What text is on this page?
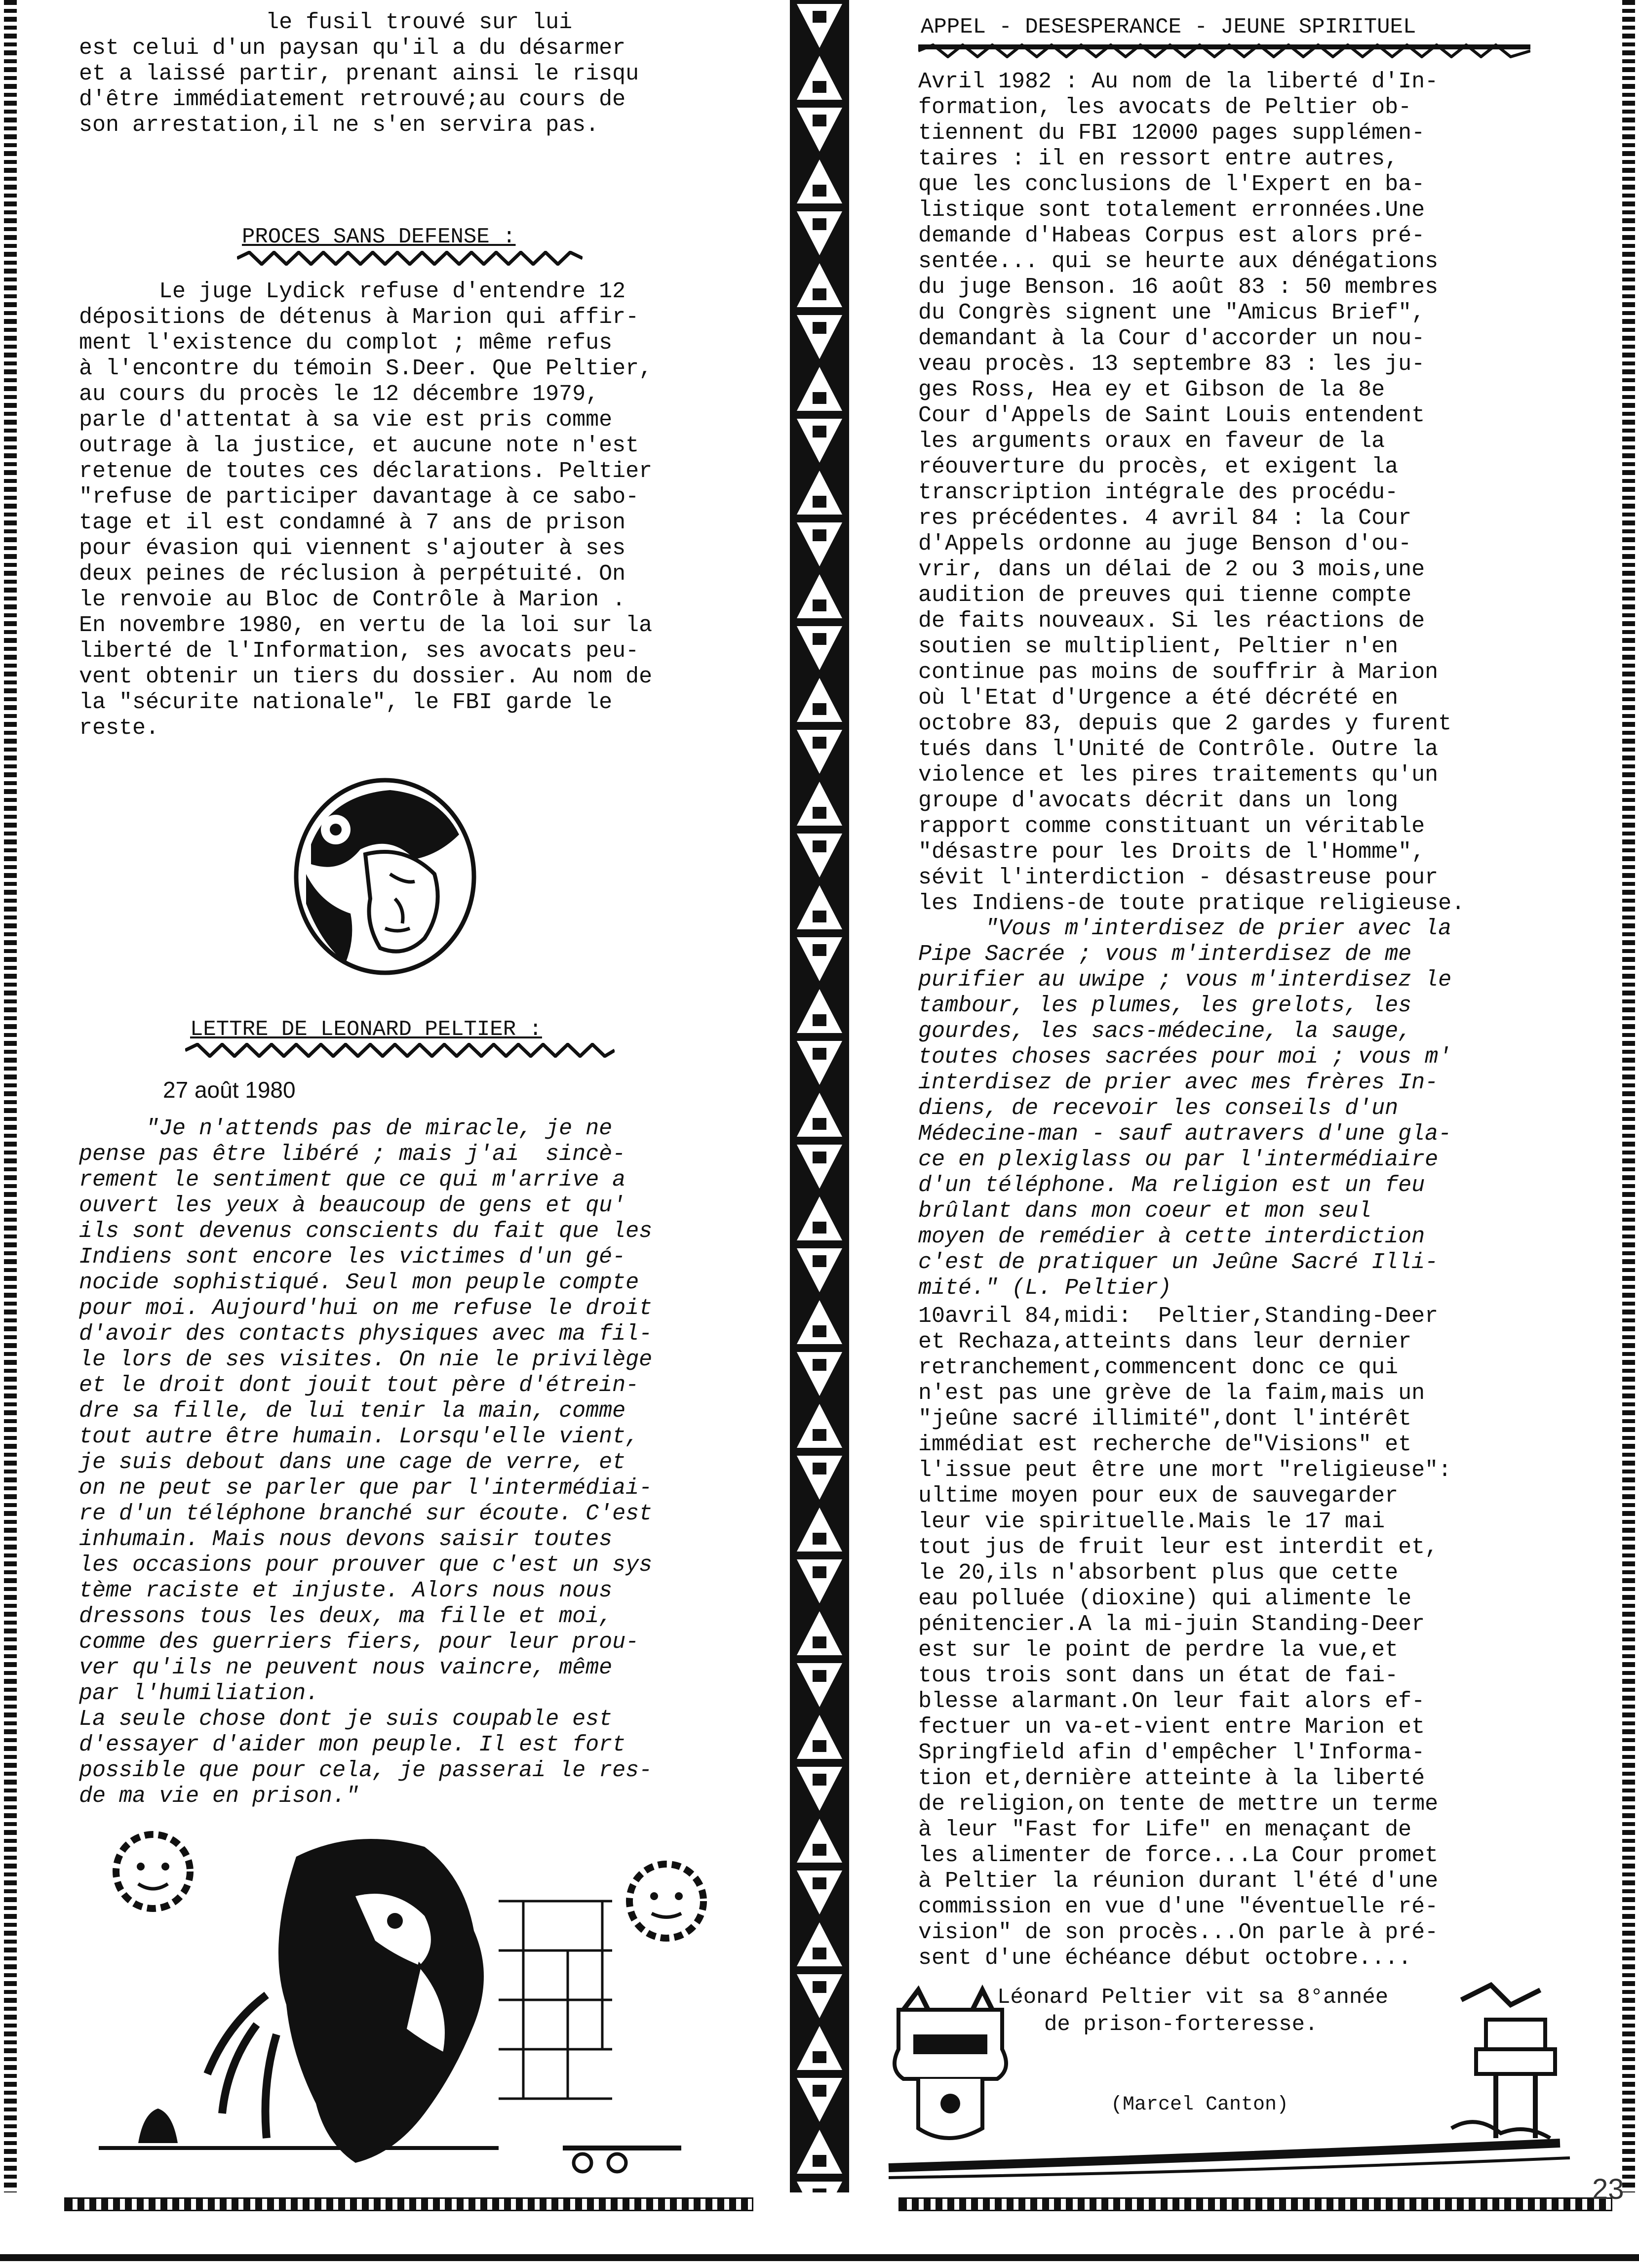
le fusil trouvé sur lui

est celui d'un paysan qu'il a du désarmer

et a laissé partir, prenant ainsi le risqu

d'être immédiatement retrouvé;au cours de

son arrestation,il ne s'en servira pas.

PROCES SANS DEFENSE :

Le juge Lydick refuse d'entendre 12

dépositions de détenus à Marion qui affir-

ment l'existence du complot ; même refus

à l'encontre du témoin S.Deer. Que Peltier,

au cours du procès le 12 décembre 1979,

parle d'attentat à sa vie est pris comme

outrage à la justice, et aucune note n'est

retenue de toutes ces déclarations. Peltier

"refuse de participer davantage à ce sabo-

tage et il est condamné à 7 ans de prison

pour évasion qui viennent s'ajouter à ses

deux peines de réclusion à perpétuité. On

le renvoie au Bloc de Contrôle à Marion .

En novembre 1980, en vertu de la loi sur la

liberté de l'Information, ses avocats peu-

vent obtenir un tiers du dossier. Au nom de

la "sécurite nationale", le FBI garde le

reste.

LETTRE DE LEONARD PELTIER :
27 août 1980

"Je n'attends pas de miracle, je ne

pense pas être libéré ; mais j'ai  sincè-

rement le sentiment que ce qui m'arrive a

ouvert les yeux à beaucoup de gens et qu'

ils sont devenus conscients du fait que les

Indiens sont encore les victimes d'un gé-

nocide sophistiqué. Seul mon peuple compte

pour moi. Aujourd'hui on me refuse le droit

d'avoir des contacts physiques avec ma fil-

le lors de ses visites. On nie le privilège

et le droit dont jouit tout père d'étrein-

dre sa fille, de lui tenir la main, comme

tout autre être humain. Lorsqu'elle vient,

je suis debout dans une cage de verre, et

on ne peut se parler que par l'intermédiai-

re d'un téléphone branché sur écoute. C'est

inhumain. Mais nous devons saisir toutes

les occasions pour prouver que c'est un sys

tème raciste et injuste. Alors nous nous

dressons tous les deux, ma fille et moi,

comme des guerriers fiers, pour leur prou-

ver qu'ils ne peuvent nous vaincre, même

par l'humiliation.

La seule chose dont je suis coupable est

d'essayer d'aider mon peuple. Il est fort

possible que pour cela, je passerai le res-

de ma vie en prison."

APPEL - DESESPERANCE - JEUNE SPIRITUEL

Avril 1982 : Au nom de la liberté d'In-

formation, les avocats de Peltier ob-

tiennent du FBI 12000 pages supplémen-

taires : il en ressort entre autres,

que les conclusions de l'Expert en ba-

listique sont totalement erronnées.Une

demande d'Habeas Corpus est alors pré-

sentée... qui se heurte aux dénégations

du juge Benson. 16 août 83 : 50 membres

du Congrès signent une "Amicus Brief",

demandant à la Cour d'accorder un nou-

veau procès. 13 septembre 83 : les ju-

ges Ross, Hea ey et Gibson de la 8e

Cour d'Appels de Saint Louis entendent

les arguments oraux en faveur de la

réouverture du procès, et exigent la

transcription intégrale des procédu-

res précédentes. 4 avril 84 : la Cour

d'Appels ordonne au juge Benson d'ou-

vrir, dans un délai de 2 ou 3 mois,une

audition de preuves qui tienne compte

de faits nouveaux. Si les réactions de

soutien se multiplient, Peltier n'en

continue pas moins de souffrir à Marion

où l'Etat d'Urgence a été décrété en

octobre 83, depuis que 2 gardes y furent

tués dans l'Unité de Contrôle. Outre la

violence et les pires traitements qu'un

groupe d'avocats décrit dans un long

rapport comme constituant un véritable

"désastre pour les Droits de l'Homme",

sévit l'interdiction - désastreuse pour

les Indiens-de toute pratique religieuse.

"Vous m'interdisez de prier avec la

Pipe Sacrée ; vous m'interdisez de me

purifier au uwipe ; vous m'interdisez le

tambour, les plumes, les grelots, les

gourdes, les sacs-médecine, la sauge,

toutes choses sacrées pour moi ; vous m'

interdisez de prier avec mes frères In-

diens, de recevoir les conseils d'un

Médecine-man - sauf autravers d'une gla-

ce en plexiglass ou par l'intermédiaire

d'un téléphone. Ma religion est un feu

brûlant dans mon coeur et mon seul

moyen de remédier à cette interdiction

c'est de pratiquer un Jeûne Sacré Illi-

mité." (L. Peltier)

10avril 84,midi:  Peltier,Standing-Deer

et Rechaza,atteints dans leur dernier

retranchement,commencent donc ce qui

n'est pas une grève de la faim,mais un

"jeûne sacré illimité",dont l'intérêt

immédiat est recherche de"Visions" et

l'issue peut être une mort "religieuse":

ultime moyen pour eux de sauvegarder

leur vie spirituelle.Mais le 17 mai

tout jus de fruit leur est interdit et,

le 20,ils n'absorbent plus que cette

eau polluée (dioxine) qui alimente le

pénitencier.A la mi-juin Standing-Deer

est sur le point de perdre la vue,et

tous trois sont dans un état de fai-

blesse alarmant.On leur fait alors ef-

fectuer un va-et-vient entre Marion et

Springfield afin d'empêcher l'Informa-

tion et,dernière atteinte à la liberté

de religion,on tente de mettre un terme

à leur "Fast for Life" en menaçant de

les alimenter de force...La Cour promet

à Peltier la réunion durant l'été d'une

commission en vue d'une "éventuelle ré-

vision" de son procès...On parle à pré-

sent d'une échéance début octobre....

Léonard Peltier vit sa 8°année
de prison-forteresse.
(Marcel Canton)
23
